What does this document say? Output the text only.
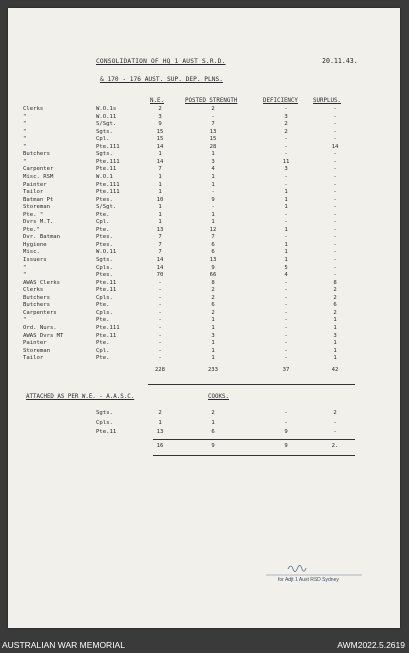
CONSOLIDATION OF HQ 1 AUST S.R.D.	20.11.43.
& 170 - 176 AUST. SUP. DEP. PLNS.
N.E.	POSTED STRENGTH	DEFICIENCY	SURPLUS.
Clerks	W.O.1s	2	2	-	-
"	W.O.11	3	-	3	-
"	S/Sgt.	9	7	2	-
"	Sgts.	15	13	2	-
"	Cpl.	15	15	-	-
"	Pte.111	14	28	-	14
Butchers	Sgts.	1	1	-	-
"	Pte.111	14	3	11	-
Carpenter	Pte.11	7	4	3	-
Misc. RSM	W.O.1	1	1	-	-
Painter	Pte.111	1	1	-	-
Tailor	Pte.111	1	-	1	-
Batman Pt	Ptes.	10	9	1	-
Storeman	S/Sgt.	1	-	1	-
Pte. "	Pte.	1	1	-	-
Dvrs M.T.	Cpl.	1	1	-	-
Pte."	Pte.	13	12	1	-
Dvr. Batman	Ptes.	7	7	-	-
Hygiene	Ptes.	7	6	1	-
Misc.	W.O.11	7	6	1	-
Issuers	Sgts.	14	13	1	-
"	Cpls.	14	9	5	-
"	Ptes.	70	66	4	-
AWAS Clerks	Pte.11	-	8	-	8
Clerks	Pte.11	-	2	-	2
Butchers	Cpls.	-	2	-	2
Butchers	Pte.	-	6	-	6
Carpenters	Cpls.	-	2	-	2
"	Pte.	-	1	-	1
Ord. Nurs.	Pte.111	-	1	-	1
AWAS Dvrs MT	Pte.11	-	3	-	3
Painter	Pte.	-	1	-	1
Storeman	Cpl.	-	1	-	1
Tailor	Pte.	-	1	-	1
228	233	37	42
ATTACHED AS PER W.E. - A.A.S.C.	COOKS.
Sgts.	2	2	-	2
Cpls.	1	1	-	-
Pte.11	13	6	9	-
16	9	9	2.
for Adjt 1 Aust RSD Sydney
AUSTRALIAN WAR MEMORIAL	AWM2022.5.2619
